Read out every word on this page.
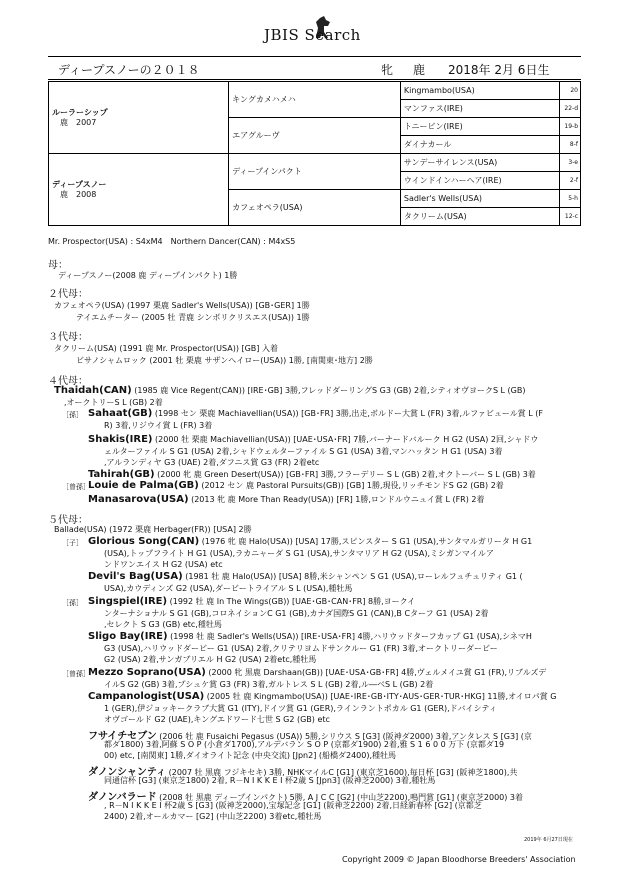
JBIS Search
ディープスノーの２０１８	牝　鹿 2018年 2月 6日生
ルーラーシップ
鹿　2007	キングカメハメハ	Kingmambo(USA)	20
		マンファス(IRE)	22-d
	エアグルーヴ	トニービン(IRE)	19-b
		ダイナカール	8-f

ディープスノー
鹿　2008	ディープインパクト	サンデーサイレンス(USA)	3-e
		ウインドインハーヘア(IRE)	2-f
	カフェオペラ(USA)	Sadler's Wells(USA)	5-h
		タクリーム(USA)	12-c
Mr. Prospector(USA) : S4xM4　Northern Dancer(CAN) : M4xS5
母：
ディープスノー(2008 鹿 ディープインパクト) 1勝
２代母：
カフェオペラ(USA) (1997 栗鹿 Sadler's Wells(USA)) [GB･GER] 1勝
テイエムチーター (2005 牡 青鹿 シンボリクリスエス(USA)) 1勝
３代母：
タクリーム(USA) (1991 鹿 Mr. Prospector(USA)) [GB] 入着
ビサノシャムロック (2001 牡 栗鹿 サザンヘイロー(USA)) 1勝, [南関東･地方] 2勝
４代母：
Thaidah(CAN) (1985 鹿 Vice Regent(CAN)) [IRE･GB] 3勝,フレッドダーリングS G3 (GB) 2着,シティオヴヨークS L (GB)
,オークトリーS L (GB) 2着
［孫］ Sahaat(GB) (1998 セン 栗鹿 Machiavellian(USA)) [GB･FR] 3勝,出走,ボルドー大賞 L (FR) 3着,ルファビュール賞 L (F
R) 3着,リジウイ賞 L (FR) 3着
Shakis(IRE) (2000 牡 栗鹿 Machiavellian(USA)) [UAE･USA･FR] 7勝,バーナードバルーク H G2 (USA) 2回,シャドウ
ェルターファイル S G1 (USA) 2着,シャドウェルターファイル S G1 (USA) 3着,マンハッタン H G1 (USA) 3着
,アルランディヤ G3 (UAE) 2着,ダフニス賞 G3 (FR) 2着etc
Tahirah(GB) (2000 牝 鹿 Green Desert(USA)) [GB･FR] 3勝,フラーデリー S L (GB) 2着,オクトーバー S L (GB) 3着
［曾孫］
Louie de Palma(GB) (2012 セン 鹿 Pastoral Pursuits(GB)) [GB] 1勝,現役,リッチモンドS G2 (GB) 2着
Manasarova(USA) (2013 牝 鹿 More Than Ready(USA)) [FR] 1勝,ロンドルウニュイ賞 L (FR) 2着
５代母：
Ballade(USA) (1972 栗鹿 Herbager(FR)) [USA] 2勝
［子］ Glorious Song(CAN) (1976 牝 鹿 Halo(USA)) [USA] 17勝,スピンスター S G1 (USA),サンタマルガリータ H G1
(USA),トップフライト H G1 (USA),ラカニャーダ S G1 (USA),サンタマリア H G2 (USA),ミシガンマイルア
ンドワンエイス H G2 (USA) etc
Devil's Bag(USA) (1981 牡 鹿 Halo(USA)) [USA] 8勝,米シャンペン S G1 (USA),ローレルフュチュリティ G1 (
USA),カウディンズ G2 (USA),ダービートライアル S L (USA),種牡馬
［孫］ Singspiel(IRE) (1992 牡 鹿 In The Wings(GB)) [UAE･GB･CAN･FR] 8勝,ヨークイ
ンターナショナル S G1 (GB),コロネイションC G1 (GB),カナダ国際S G1 (CAN),B Cターフ G1 (USA) 2着
,セレクト S G3 (GB) etc,種牡馬
Sligo Bay(IRE) (1998 牡 鹿 Sadler's Wells(USA)) [IRE･USA･FR] 4勝,ハリウッドターフカップ G1 (USA),シネマH
G3 (USA),ハリウッドダービー G1 (USA) 2着,クリテリヨムドサンクルー G1 (FR) 3着,オークトリーダービー
G2 (USA) 2着,サンガブリエル H G2 (USA) 2着etc,種牡馬
［曾孫］
Mezzo Soprano(USA) (2000 牝 黒鹿 Darshaan(GB)) [UAE･USA･GB･FR] 4勝,ヴェルメイユ賞 G1 (FR),リブルズデ
イルS G2 (GB) 3着,プシュケ賞 G3 (FR) 3着,ガルトレス S L (GB) 2着,ル―ベS L (GB) 2着
Campanologist(USA) (2005 牡 鹿 Kingmambo(USA)) [UAE･IRE･GB･ITY･AUS･GER･TUR･HKG] 11勝,オイロパ賞 G
1 (GER),伊ジョッキークラブ大賞 G1 (ITY),ドイツ賞 G1 (GER),ラインラントポカル G1 (GER),ドバイシティ
オヴゴールド G2 (UAE),キングエドワード七世 S G2 (GB) etc
フサイチセブン (2006 牡 鹿 Fusaichi Pegasus (USA)) 5勝,シリウス S [G3] (阪神ダ2000) 3着,アンタレス S [G3] (京
都ダ1800) 3着,阿蘇 S O P (小倉ダ1700),アルデバラン S O P (京都ダ1900) 2着,雅 S 1 6 0 0 万下 (京都ダ19
00) etc, [南関東] 1勝,ダイオライト記念 (中央交流) [Jpn2] (船橋ダ2400),種牡馬
ダノンシャンティ (2007 牡 黒鹿 フジキセキ) 3勝, NHKマイルC [G1] (東京芝1600),毎日杯 [G3] (阪神芝1800),共
同通信杯 [G3] (東京芝1800) 2着, R－N I K K E I 杯2歳 S [Jpn3] (阪神芝2000) 3着,種牡馬
ダノンバラード (2008 牡 黒鹿 ディープインパクト) 5勝, A J C C [G2] (中山芝2200),鳴門賞 [G1] (東京芝2000) 3着
, R－N I K K E I 杯2歳 S [G3] (阪神芝2000),宝塚記念 [G1] (阪神芝2200) 2着,日経新春杯 [G2] (京都芝
2400) 2着,オールカマー [G2] (中山芝2200) 3着etc,種牡馬
2019年 6月27日現在
Copyright 2009 © Japan Bloodhorse Breeders' Association
